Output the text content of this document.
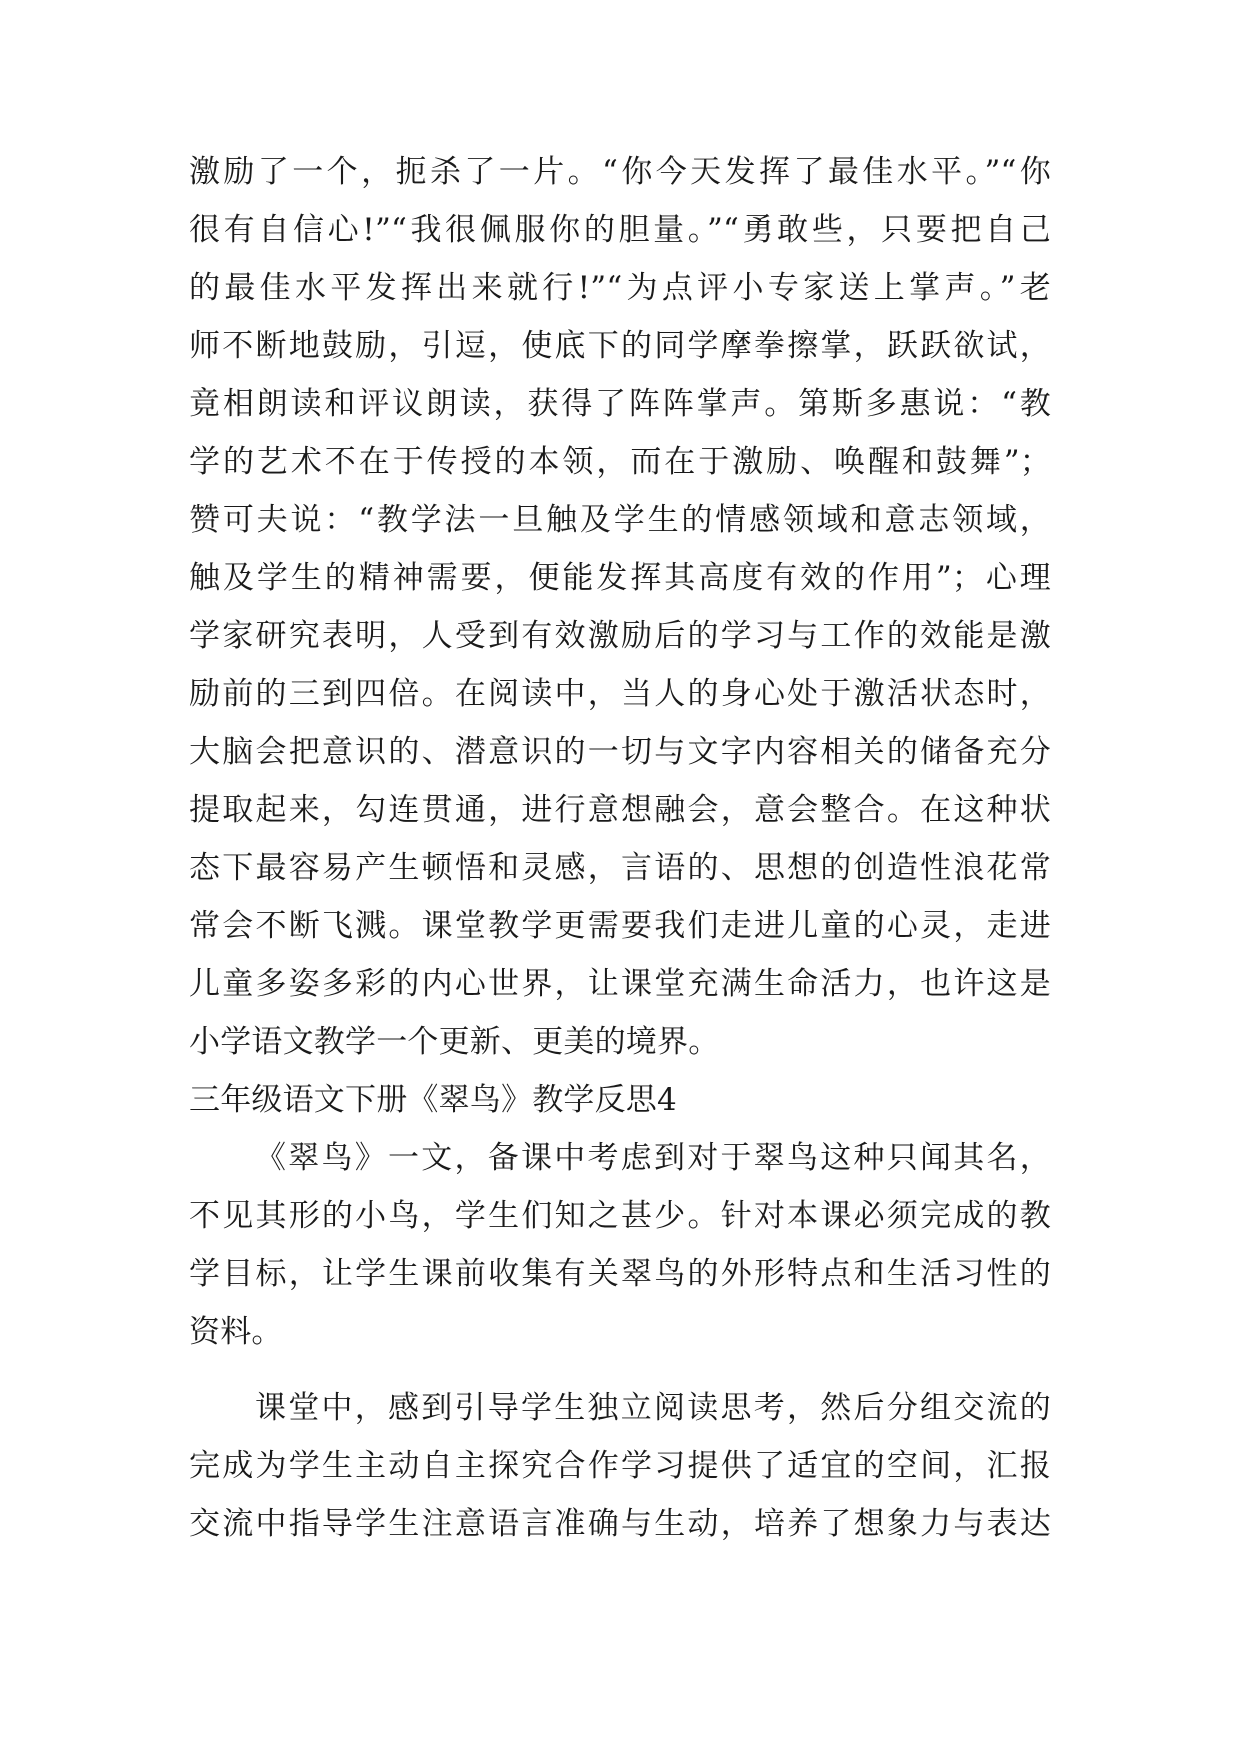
激励了一个，扼杀了一片。“你今天发挥了最佳水平。”“你
很有自信心!”“我很佩服你的胆量。”“勇敢些，只要把自己
的最佳水平发挥出来就行!”“为点评小专家送上掌声。”老
师不断地鼓励，引逗，使底下的同学摩拳擦掌，跃跃欲试，
竟相朗读和评议朗读，获得了阵阵掌声。第斯多惠说：“教
学的艺术不在于传授的本领，而在于激励、唤醒和鼓舞”；
赞可夫说：“教学法一旦触及学生的情感领域和意志领域，
触及学生的精神需要，便能发挥其高度有效的作用”；心理
学家研究表明，人受到有效激励后的学习与工作的效能是激
励前的三到四倍。在阅读中，当人的身心处于激活状态时，
大脑会把意识的、潜意识的一切与文字内容相关的储备充分
提取起来，勾连贯通，进行意想融会，意会整合。在这种状
态下最容易产生顿悟和灵感，言语的、思想的创造性浪花常
常会不断飞溅。课堂教学更需要我们走进儿童的心灵，走进
儿童多姿多彩的内心世界，让课堂充满生命活力，也许这是
小学语文教学一个更新、更美的境界。
三年级语文下册《翠鸟》教学反思4
《翠鸟》一文，备课中考虑到对于翠鸟这种只闻其名，
不见其形的小鸟，学生们知之甚少。针对本课必须完成的教
学目标，让学生课前收集有关翠鸟的外形特点和生活习性的
资料。
课堂中，感到引导学生独立阅读思考，然后分组交流的
完成为学生主动自主探究合作学习提供了适宜的空间，汇报
交流中指导学生注意语言准确与生动，培养了想象力与表达
